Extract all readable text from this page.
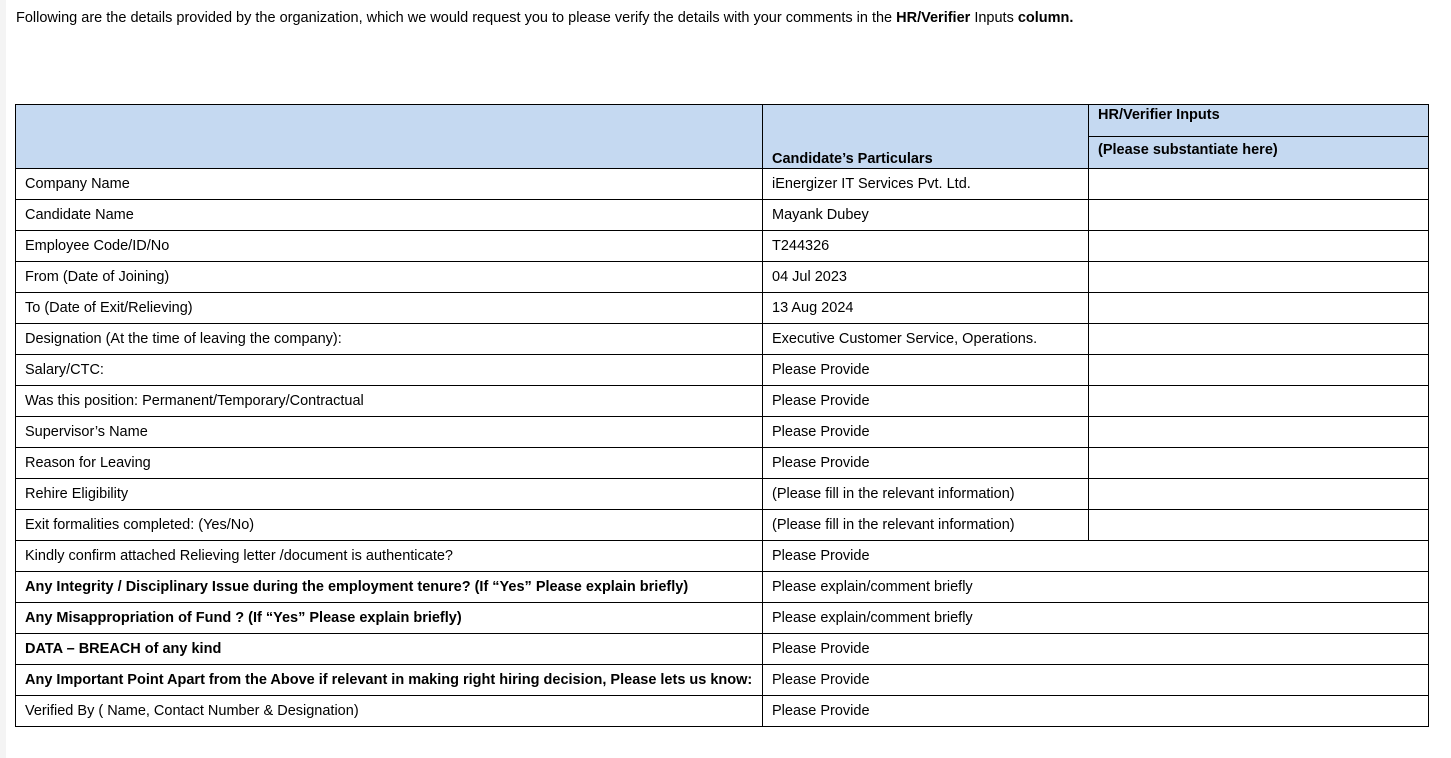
Following are the details provided by the organization, which we would request you to please verify the details with your comments in the HR/Verifier Inputs column.
	Candidate’s Particulars	HR/Verifier Inputs
		(Please substantiate here)
Company Name	iEnergizer IT Services Pvt. Ltd.	
Candidate Name	Mayank Dubey	
Employee Code/ID/No	T244326	
From (Date of Joining)	04 Jul 2023	
To (Date of Exit/Relieving)	13 Aug 2024	
Designation (At the time of leaving the company):	Executive Customer Service, Operations.	
Salary/CTC:	Please Provide	
Was this position: Permanent/Temporary/Contractual	Please Provide	
Supervisor’s Name	Please Provide	
Reason for Leaving	Please Provide	
Rehire Eligibility	(Please fill in the relevant information)	
Exit formalities completed: (Yes/No)	(Please fill in the relevant information)	
Kindly confirm attached Relieving letter /document is authenticate?	Please Provide	
Any Integrity / Disciplinary Issue during the employment tenure? (If “Yes” Please explain briefly)	Please explain/comment briefly	
Any Misappropriation of Fund ? (If “Yes” Please explain briefly)	Please explain/comment briefly	
DATA – BREACH of any kind	Please Provide	
Any Important Point Apart from the Above if relevant in making right hiring decision, Please lets us know:	Please Provide	
Verified By ( Name, Contact Number & Designation)	Please Provide	
